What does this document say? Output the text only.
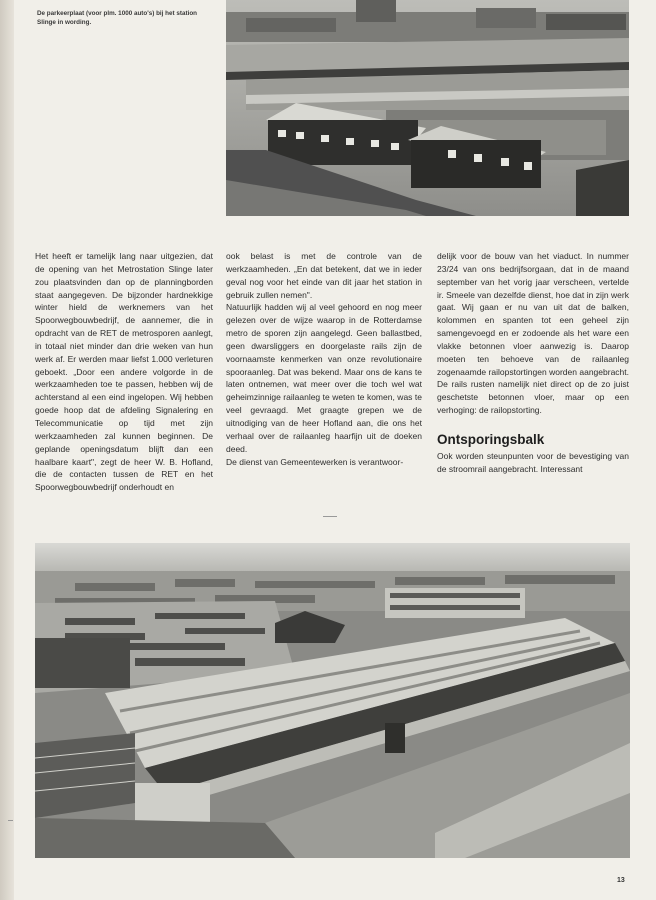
De parkeerplaat (voor plm. 1000 auto's) bij het station Slinge in wording.

Het heeft er tamelijk lang naar uitgezien, dat de opening van het Metrostation Slinge later zou plaatsvinden dan op de planningborden staat aangegeven. De bijzonder hardnekkige winter hield de werknemers van het Spoorwegbouwbedrijf, de aannemer, die in opdracht van de RET de metrosporen aanlegt, in totaal niet minder dan drie weken van hun werk af. Er werden maar liefst 1.000 verleturen geboekt. „Door een andere volgorde in de werkzaamheden toe te passen, hebben wij de achterstand al een eind ingelopen. Wij hebben goede hoop dat de afdeling Signalering en Telecommunicatie op tijd met zijn werkzaamheden zal kunnen beginnen. De geplande openingsdatum blijft dan een haalbare kaart", zegt de heer W. B. Hofland, die de contacten tussen de RET en het Spoorwegbouwbedrijf onderhoudt en

ook belast is met de controle van de werkzaamheden. „En dat betekent, dat we in ieder geval nog voor het einde van dit jaar het station in gebruik zullen nemen".

Natuurlijk hadden wij al veel gehoord en nog meer gelezen over de wijze waarop in de Rotterdamse metro de sporen zijn aangelegd. Geen ballastbed, geen dwarsliggers en doorgelaste rails zijn de voornaamste kenmerken van onze revolutionaire spooraanleg. Dat was bekend. Maar ons de kans te laten ontnemen, wat meer over die toch wel wat geheimzinnige railaanleg te weten te komen, was te veel gevraagd. Met graagte grepen we de uitnodiging van de heer Hofland aan, die ons het verhaal over de railaanleg haarfijn uit de doeken deed.

De dienst van Gemeentewerken is verantwoor-

delijk voor de bouw van het viaduct. In nummer 23/24 van ons bedrijfsorgaan, dat in de maand september van het vorig jaar verscheen, vertelde ir. Smeele van dezelfde dienst, hoe dat in zijn werk gaat. Wij gaan er nu van uit dat de balken, kolommen en spanten tot een geheel zijn samengevoegd en er zodoende als het ware een vlakke betonnen vloer aanwezig is. Daarop moeten ten behoeve van de railaanleg zogenaamde railopstortingen worden aangebracht. De rails rusten namelijk niet direct op de zo juist geschetste betonnen vloer, maar op een verhoging: de railopstorting.

Ontsporingsbalk

Ook worden steunpunten voor de bevestiging van de stroomrail aangebracht. Interessant

13
